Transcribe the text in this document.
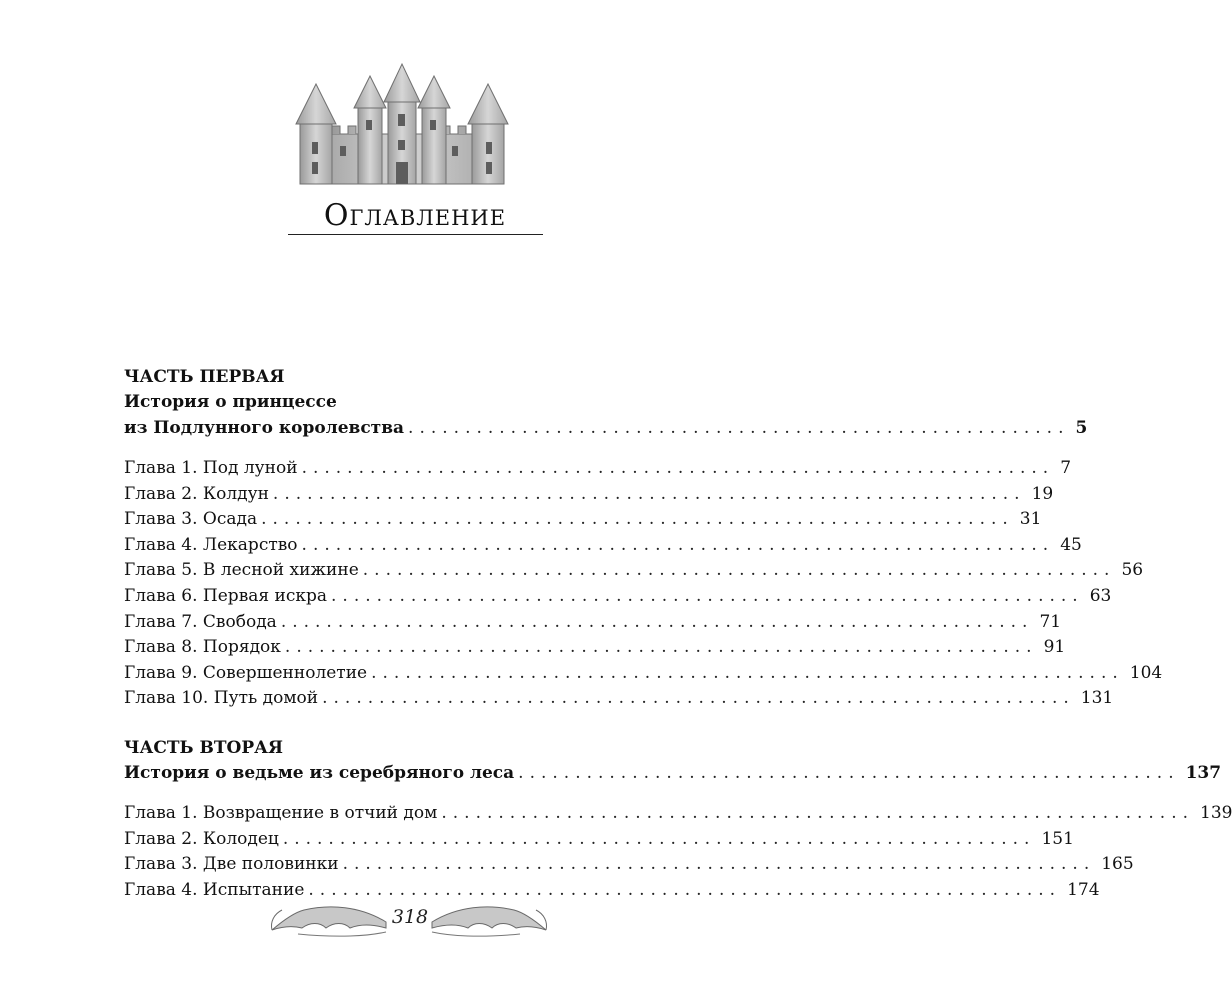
Оглавление
ЧАСТЬ ПЕРВАЯ
История о принцессе
из Подлунного королевства .......................................................... 5
Глава 1. Под луной .................................................................. 7
Глава 2. Колдун .................................................................. 19
Глава 3. Осада .................................................................. 31
Глава 4. Лекарство .................................................................. 45
Глава 5. В лесной хижине .................................................................. 56
Глава 6. Первая искра .................................................................. 63
Глава 7. Свобода .................................................................. 71
Глава 8. Порядок .................................................................. 91
Глава 9. Совершеннолетие .................................................................. 104
Глава 10. Путь домой .................................................................. 131
ЧАСТЬ ВТОРАЯ
История о ведьме из серебряного леса .......................................................... 137
Глава 1. Возвращение в отчий дом .................................................................. 139
Глава 2. Колодец .................................................................. 151
Глава 3. Две половинки .................................................................. 165
Глава 4. Испытание .................................................................. 174
318
